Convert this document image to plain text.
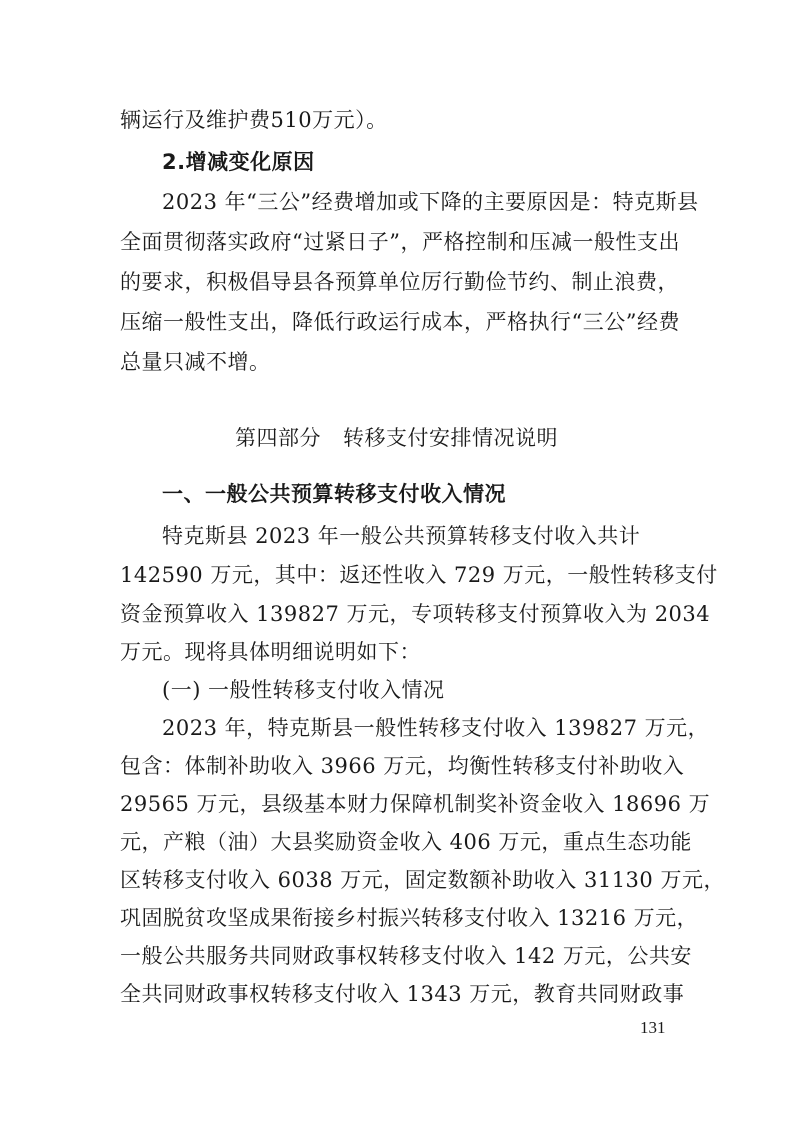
辆运行及维护费510万元）。
2.增减变化原因
2023 年“三公”经费增加或下降的主要原因是：特克斯县
全面贯彻落实政府“过紧日子”，严格控制和压减一般性支出
的要求，积极倡导县各预算单位厉行勤俭节约、制止浪费，
压缩一般性支出，降低行政运行成本，严格执行“三公”经费
总量只减不增。
第四部分 转移支付安排情况说明
一、一般公共预算转移支付收入情况
特克斯县 2023 年一般公共预算转移支付收入共计
142590 万元，其中：返还性收入 729 万元，一般性转移支付
资金预算收入 139827 万元，专项转移支付预算收入为 2034
万元。现将具体明细说明如下：
(一) 一般性转移支付收入情况
2023 年，特克斯县一般性转移支付收入 139827 万元，
包含：体制补助收入 3966 万元，均衡性转移支付补助收入
29565 万元，县级基本财力保障机制奖补资金收入 18696 万
元，产粮（油）大县奖励资金收入 406 万元，重点生态功能
区转移支付收入 6038 万元，固定数额补助收入 31130 万元，
巩固脱贫攻坚成果衔接乡村振兴转移支付收入 13216 万元，
一般公共服务共同财政事权转移支付收入 142 万元，公共安
全共同财政事权转移支付收入 1343 万元，教育共同财政事
131
